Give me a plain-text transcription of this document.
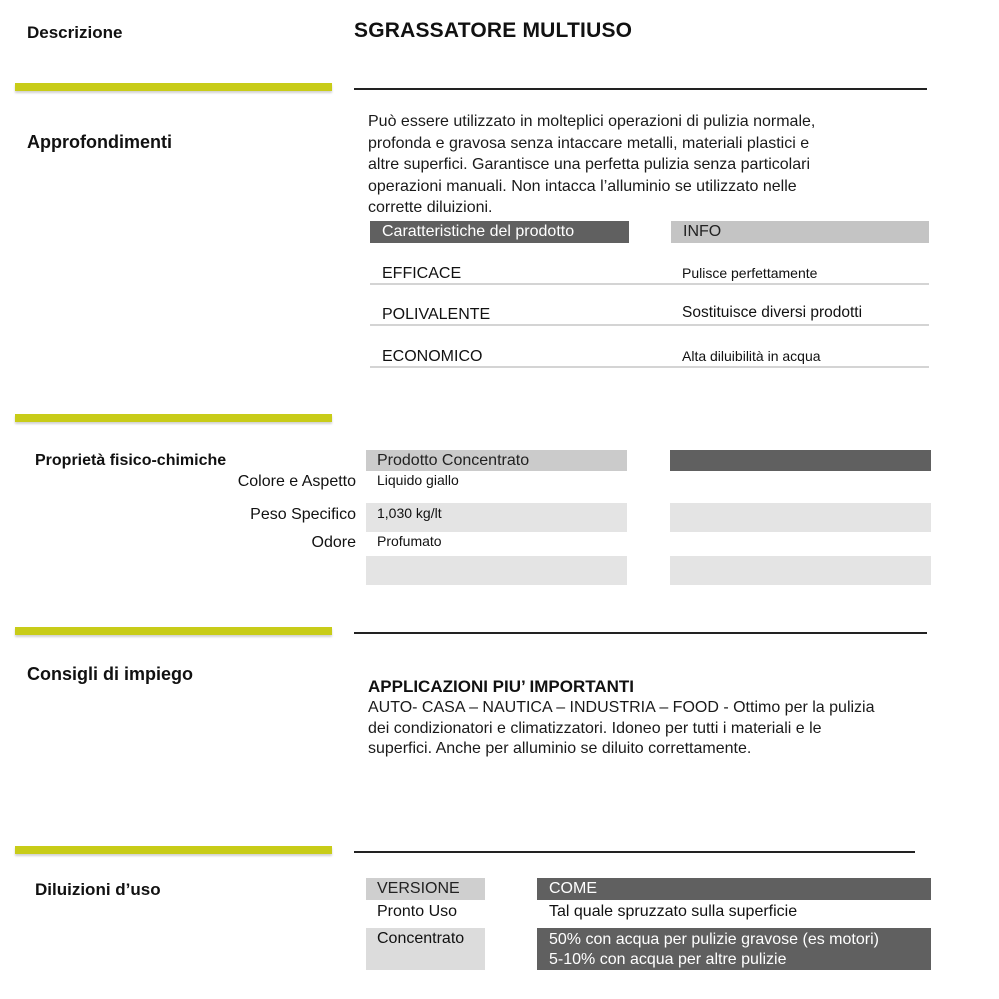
Descrizione	SGRASSATORE MULTIUSO
Approfondimenti
Può essere utilizzato in molteplici operazioni di pulizia normale,
profonda e gravosa senza intaccare metalli, materiali plastici e
altre superfici. Garantisce una perfetta pulizia senza particolari
operazioni manuali. Non intacca l’alluminio se utilizzato nelle
corrette diluizioni.
Caratteristiche del prodotto	INFO
EFFICACE	Pulisce perfettamente
POLIVALENTE	Sostituisce diversi prodotti
ECONOMICO	Alta diluibilità in acqua
Proprietà fisico-chimiche	Prodotto Concentrato
Colore e Aspetto Liquido giallo
Peso Specifico 1,030 kg/lt
Odore Profumato
Consigli di impiego
APPLICAZIONI PIU’ IMPORTANTI
AUTO- CASA – NAUTICA – INDUSTRIA – FOOD - Ottimo per la pulizia
dei condizionatori e climatizzatori. Idoneo per tutti i materiali e le
superfici. Anche per alluminio se diluito correttamente.
Diluizioni d’uso	VERSIONE	COME
Pronto Uso	Tal quale spruzzato sulla superficie
Concentrato	50% con acqua per pulizie gravose (es motori)
5-10% con acqua per altre pulizie
